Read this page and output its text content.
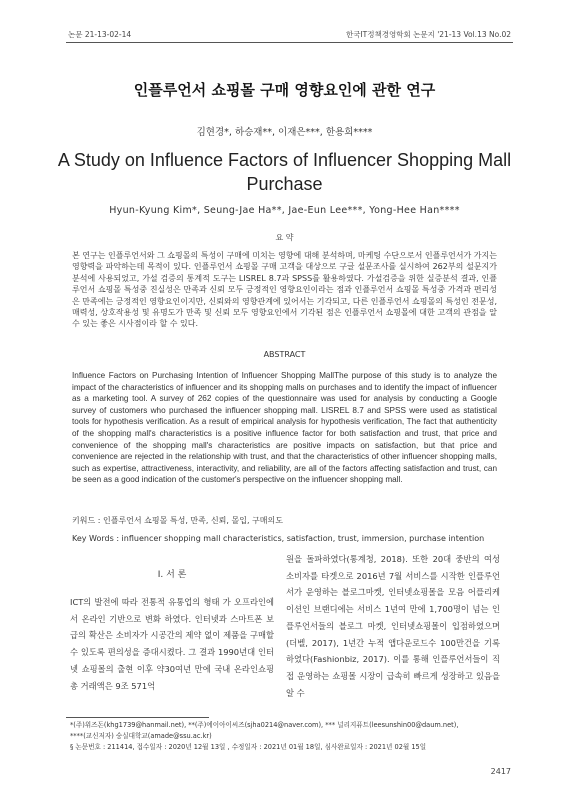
논문 21-13-02-14	한국IT정책경영학회 논문지 '21-13 Vol.13 No.02
인플루언서 쇼핑몰 구매 영향요인에 관한 연구
김현경*, 하승재**, 이재은***, 한용희****
A Study on Influence Factors of Influencer Shopping Mall Purchase
Hyun-Kyung Kim*, Seung-Jae Ha**, Jae-Eun Lee***, Yong-Hee Han****
요 약
본 연구는 인플루언서와 그 쇼핑몰의 특성이 구매에 미치는 영향에 대해 분석하며, 마케팅 수단으로서 인플루언서가 가지는 영향력을 파악하는데 목적이 있다. 인플루언서 쇼핑몰 구매 고객을 대상으로 구글 설문조사를 실시하여 262부의 설문지가 분석에 사용되었고, 가설 검증의 통계적 도구는 LISREL 8.7과 SPSS를 활용하였다. 가설검증을 위한 실증분석 결과, 인플루언서 쇼핑몰 특성중 진실성은 만족과 신뢰 모두 긍정적인 영향요인이라는 점과 인플루언서 쇼핑몰 특성중 가격과 편리성은 만족에는 긍정적인 영향요인이지만, 신뢰와의 영향관계에 있어서는 기각되고, 다른 인플루언서 쇼핑몰의 특성인 전문성, 매력성, 상호작용성 및 유명도가 만족 및 신뢰 모두 영향요인에서 기각된 점은 인플루언서 쇼핑몰에 대한 고객의 관점을 알 수 있는 좋은 시사점이라 할 수 있다.
ABSTRACT
Influence Factors on Purchasing Intention of Influencer Shopping MallThe purpose of this study is to analyze the impact of the characteristics of influencer and its shopping malls on purchases and to identify the impact of influencer as a marketing tool. A survey of 262 copies of the questionnaire was used for analysis by conducting a Google survey of customers who purchased the influencer shopping mall. LISREL 8.7 and SPSS were used as statistical tools for hypothesis verification. As a result of empirical analysis for hypothesis verification, The fact that authenticity of the shopping mall's characteristics is a positive influence factor for both satisfaction and trust, that price and convenience of the shopping mall's characteristics are positive impacts on satisfaction, but that price and convenience are rejected in the relationship with trust, and that the characteristics of other influencer shopping malls, such as expertise, attractiveness, interactivity, and reliability, are all of the factors affecting satisfaction and trust, can be seen as a good indication of the customer's perspective on the influencer shopping mall.
키워드 : 인플루언서 쇼핑몰 특성, 만족, 신뢰, 몰입, 구매의도
Key Words : influencer shopping mall characteristics, satisfaction, trust, immersion, purchase intention
Ⅰ. 서 론
ICT의 발전에 따라 전통적 유통업의 형태 가 오프라인에서 온라인 기반으로 변화 하였다. 인터넷과 스마트폰 보급의 확산은 소비자가 시공간의 제약 없이 제품을 구매할 수 있도록 편의성을 증대시켰다. 그 결과 1990년대 인터넷 쇼핑몰의 출현 이후 약30여년 만에 국내 온라인쇼핑 총 거래액은 9조 571억
원을 돌파하였다(통계청, 2018). 또한 20대 중반의 여성 소비자를 타겟으로 2016년 7월 서비스를 시작한 인플루언서가 운영하는 블로그마켓, 인터넷쇼핑몰을 모음 어플리케이션인 브랜디에는 서비스 1년여 만에 1,700명이 넘는 인플루언서들의 블로그 마켓, 인터넷쇼핑몰이 입점하였으며 (더벨, 2017), 1년간 누적 앱다운로드수 100만건을 기록하였다(Fashionbiz, 2017). 이를 통해 인플루언서들이 직접 운영하는 쇼핑몰 시장이 급속히 빠르게 성장하고 있음을 알 수
*(주)위즈돈(khg1739@hanmail.net), **(주)에이아이씨즈(sjha0214@naver.com), *** 널리지퓨트(leesunshin00@daum.net),
****(교신저자) 숭실대학교(amade@ssu.ac.kr)
§ 논문번호 : 211414, 접수일자 : 2020년 12월 13일 , 수정일자 : 2021년 01월 18일, 심사완료일자 : 2021년 02월 15일
2417
